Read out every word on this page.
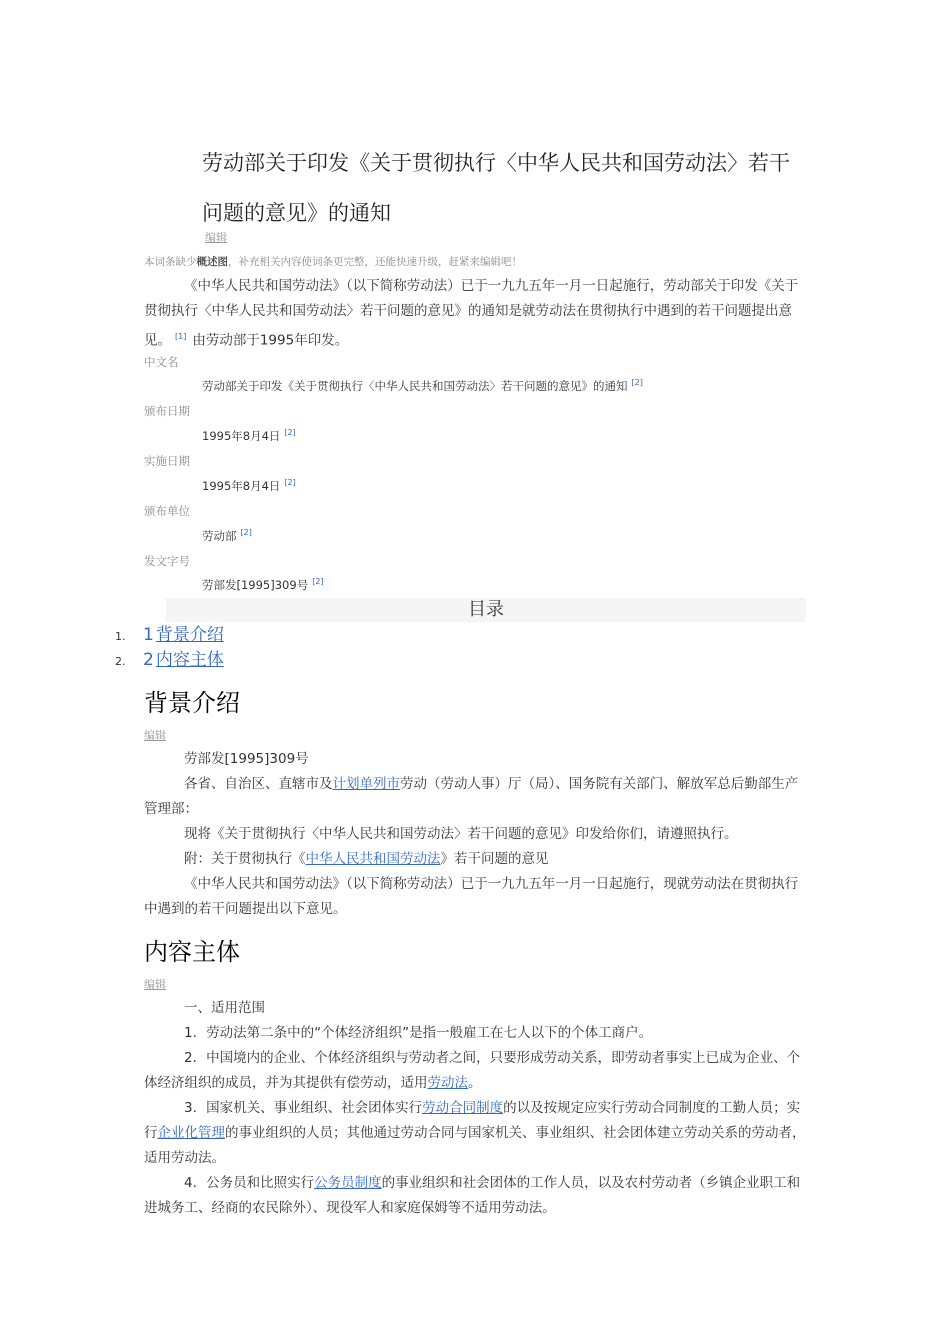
劳动部关于印发《关于贯彻执行〈中华人民共和国劳动法〉若干
问题的意见》的通知
编辑
本词条缺少概述图，补充相关内容使词条更完整，还能快速升级，赶紧来编辑吧！
《中华人民共和国劳动法》（以下简称劳动法）已于一九九五年一月一日起施行，劳动部关于印发《关于贯彻执行〈中华人民共和国劳动法〉若干问题的意见》的通知是就劳动法在贯彻执行中遇到的若干问题提出意见。 [1] 由劳动部于1995年印发。
中文名
劳动部关于印发《关于贯彻执行〈中华人民共和国劳动法〉若干问题的意见》的通知 [2]
颁布日期
1995年8月4日 [2]
实施日期
1995年8月4日 [2]
颁布单位
劳动部 [2]
发文字号
劳部发[1995]309号 [2]
目录
1. 1 背景介绍
2. 2 内容主体
背景介绍
编辑
劳部发[1995]309号
各省、自治区、直辖市及计划单列市劳动（劳动人事）厅（局）、国务院有关部门、解放军总后勤部生产管理部：
现将《关于贯彻执行〈中华人民共和国劳动法〉若干问题的意见》印发给你们，请遵照执行。
附：关于贯彻执行《中华人民共和国劳动法》若干问题的意见
《中华人民共和国劳动法》（以下简称劳动法）已于一九九五年一月一日起施行，现就劳动法在贯彻执行中遇到的若干问题提出以下意见。
内容主体
编辑
一、适用范围
1．劳动法第二条中的“个体经济组织”是指一般雇工在七人以下的个体工商户。
2．中国境内的企业、个体经济组织与劳动者之间，只要形成劳动关系，即劳动者事实上已成为企业、个体经济组织的成员，并为其提供有偿劳动，适用劳动法。
3．国家机关、事业组织、社会团体实行劳动合同制度的以及按规定应实行劳动合同制度的工勤人员；实行企业化管理的事业组织的人员；其他通过劳动合同与国家机关、事业组织、社会团体建立劳动关系的劳动者，适用劳动法。
4．公务员和比照实行公务员制度的事业组织和社会团体的工作人员，以及农村劳动者（乡镇企业职工和进城务工、经商的农民除外）、现役军人和家庭保姆等不适用劳动法。
